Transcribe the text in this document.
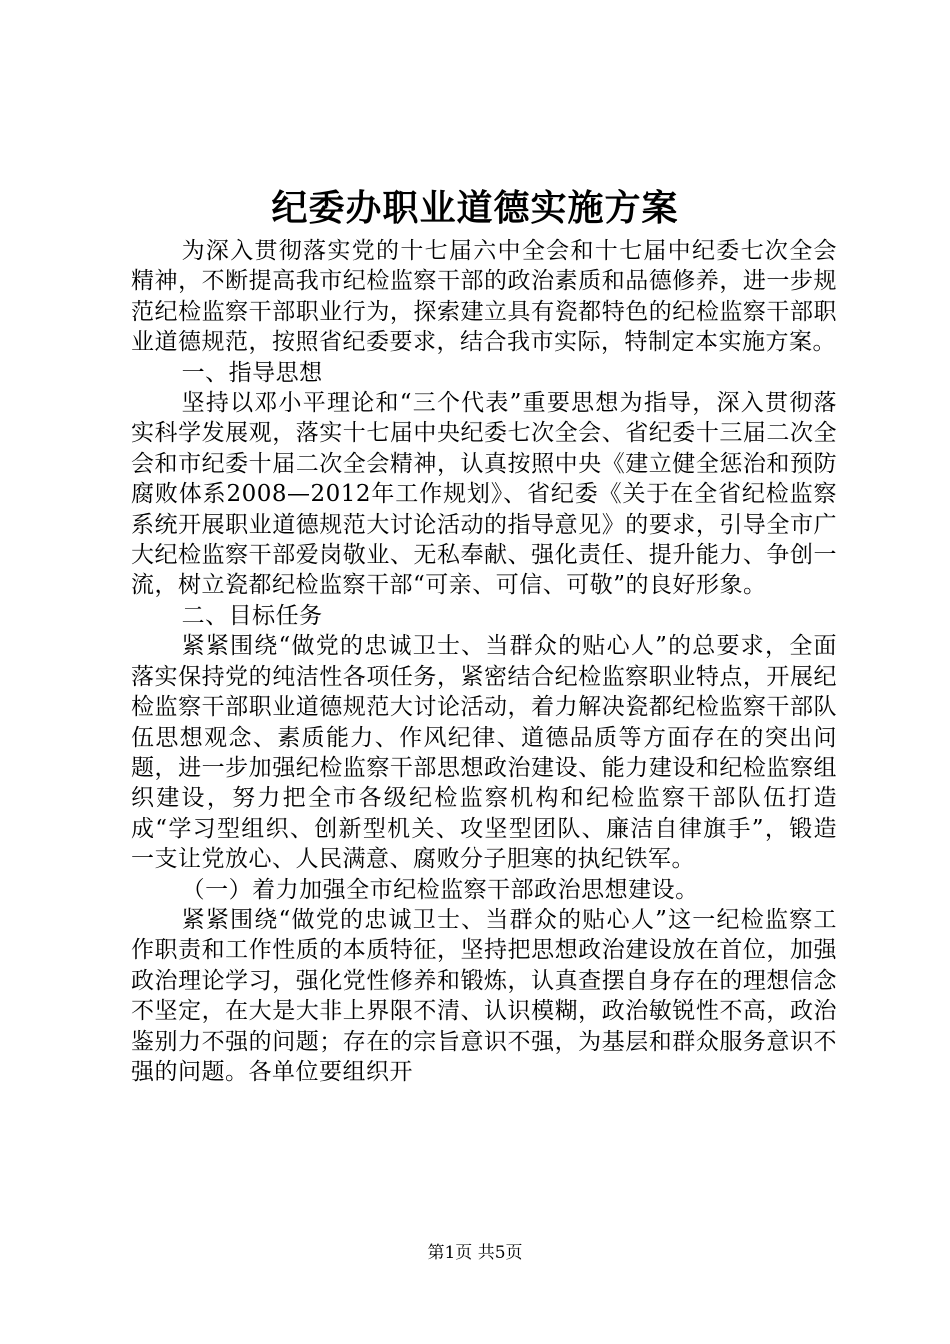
纪委办职业道德实施方案

为深入贯彻落实党的十七届六中全会和十七届中纪委七次全会精神，不断提高我市纪检监察干部的政治素质和品德修养，进一步规范纪检监察干部职业行为，探索建立具有瓷都特色的纪检监察干部职业道德规范，按照省纪委要求，结合我市实际，特制定本实施方案。

一、指导思想

坚持以邓小平理论和“三个代表”重要思想为指导，深入贯彻落实科学发展观，落实十七届中央纪委七次全会、省纪委十三届二次全会和市纪委十届二次全会精神，认真按照中央《建立健全惩治和预防腐败体系2008—2012年工作规划》、省纪委《关于在全省纪检监察系统开展职业道德规范大讨论活动的指导意见》的要求，引导全市广大纪检监察干部爱岗敬业、无私奉献、强化责任、提升能力、争创一流，树立瓷都纪检监察干部“可亲、可信、可敬”的良好形象。

二、目标任务

紧紧围绕“做党的忠诚卫士、当群众的贴心人”的总要求，全面落实保持党的纯洁性各项任务，紧密结合纪检监察职业特点，开展纪检监察干部职业道德规范大讨论活动，着力解决瓷都纪检监察干部队伍思想观念、素质能力、作风纪律、道德品质等方面存在的突出问题，进一步加强纪检监察干部思想政治建设、能力建设和纪检监察组织建设，努力把全市各级纪检监察机构和纪检监察干部队伍打造成“学习型组织、创新型机关、攻坚型团队、廉洁自律旗手”，锻造一支让党放心、人民满意、腐败分子胆寒的执纪铁军。

（一）着力加强全市纪检监察干部政治思想建设。

紧紧围绕“做党的忠诚卫士、当群众的贴心人”这一纪检监察工作职责和工作性质的本质特征，坚持把思想政治建设放在首位，加强政治理论学习，强化党性修养和锻炼，认真查摆自身存在的理想信念不坚定，在大是大非上界限不清、认识模糊，政治敏锐性不高，政治鉴别力不强的问题；存在的宗旨意识不强，为基层和群众服务意识不强的问题。各单位要组织开

第1页 共5页
